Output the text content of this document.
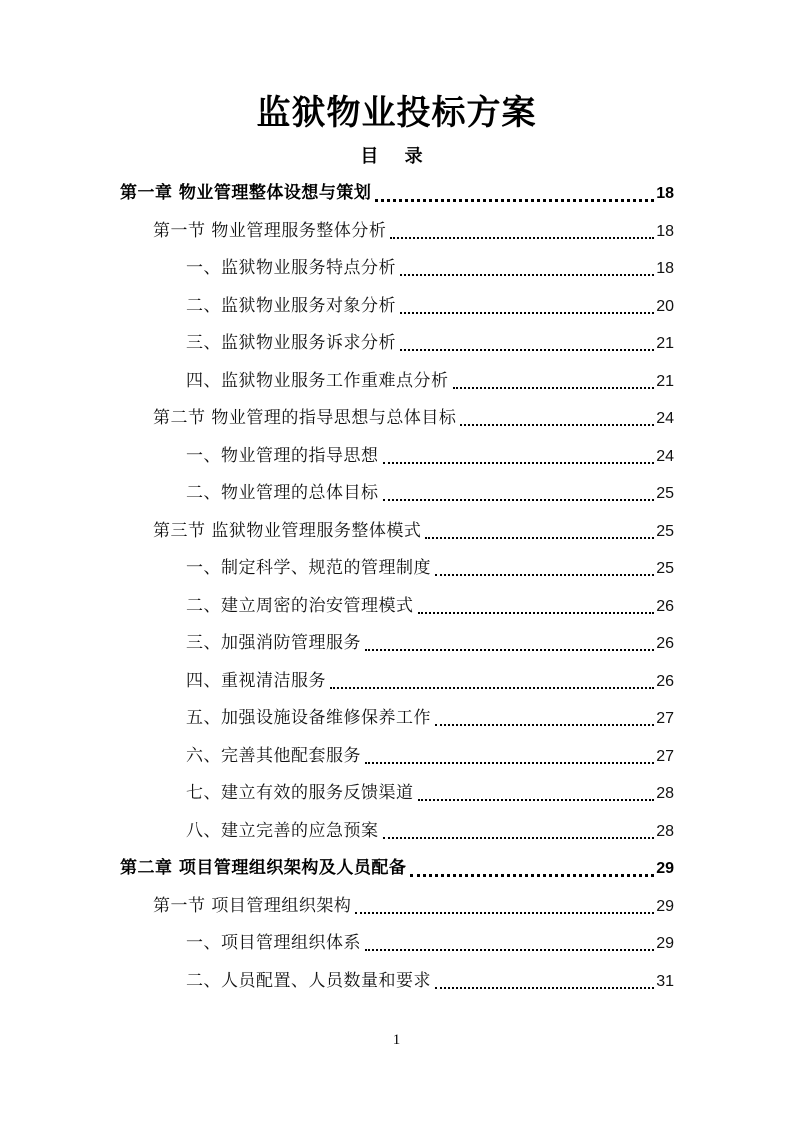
监狱物业投标方案
目 录
第一章 物业管理整体设想与策划	18
第一节 物业管理服务整体分析	18
一、监狱物业服务特点分析	18
二、监狱物业服务对象分析	20
三、监狱物业服务诉求分析	21
四、监狱物业服务工作重难点分析	21
第二节 物业管理的指导思想与总体目标	24
一、物业管理的指导思想	24
二、物业管理的总体目标	25
第三节 监狱物业管理服务整体模式	25
一、制定科学、规范的管理制度	25
二、建立周密的治安管理模式	26
三、加强消防管理服务	26
四、重视清洁服务	26
五、加强设施设备维修保养工作	27
六、完善其他配套服务	27
七、建立有效的服务反馈渠道	28
八、建立完善的应急预案	28
第二章 项目管理组织架构及人员配备	29
第一节 项目管理组织架构	29
一、项目管理组织体系	29
二、人员配置、人员数量和要求	31
1
